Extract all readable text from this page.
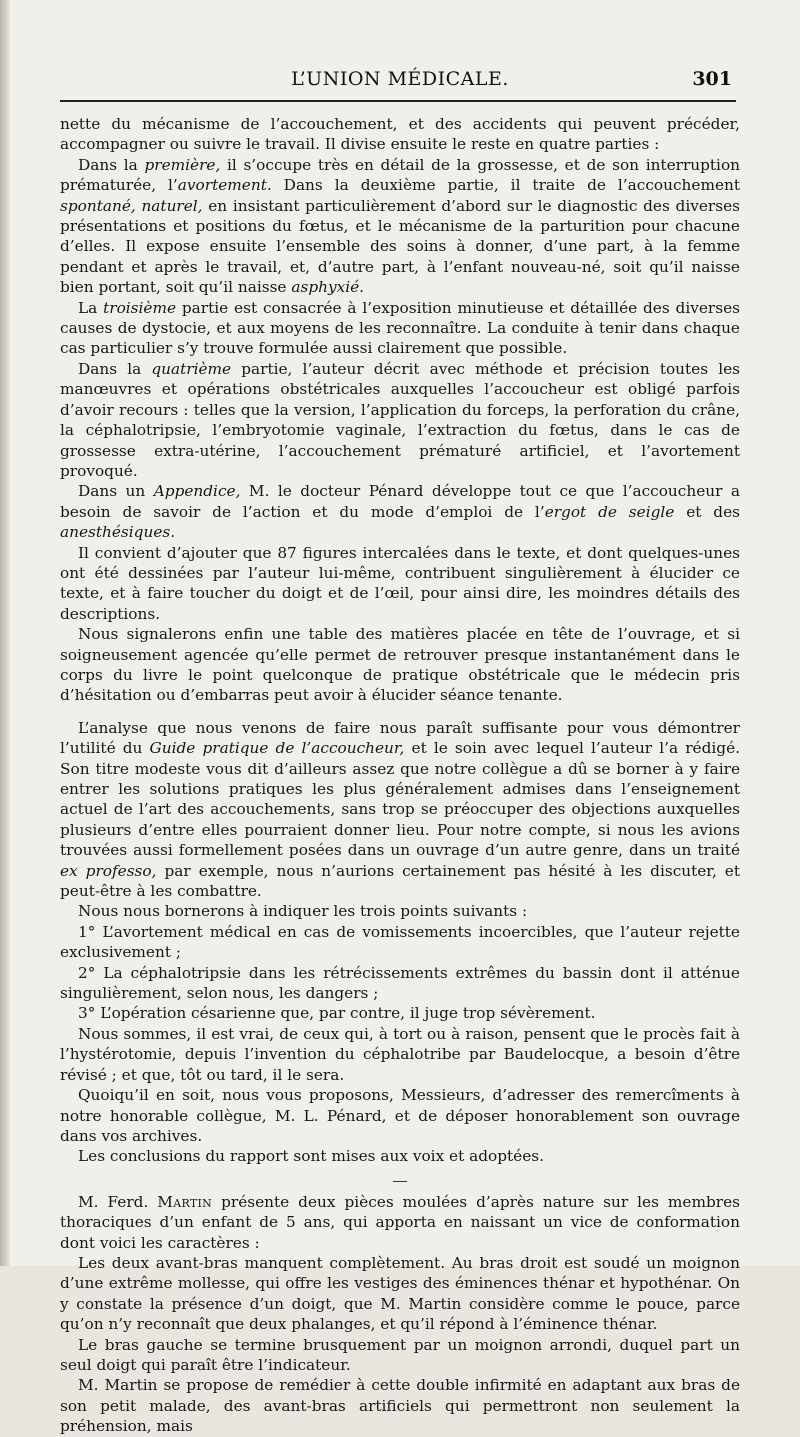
L’UNION MÉDICALE.	301

nette du mécanisme de l’accouchement, et des accidents qui peuvent précéder, accompagner ou suivre le travail. Il divise ensuite le reste en quatre parties :

Dans la première, il s’occupe très en détail de la grossesse, et de son interruption prématurée, l’avortement. Dans la deuxième partie, il traite de l’accouchement spontané, naturel, en insistant particulièrement d’abord sur le diagnostic des diverses présentations et positions du fœtus, et le mécanisme de la parturition pour chacune d’elles. Il expose ensuite l’ensemble des soins à donner, d’une part, à la femme pendant et après le travail, et, d’autre part, à l’enfant nouveau-né, soit qu’il naisse bien portant, soit qu’il naisse asphyxié.

La troisième partie est consacrée à l’exposition minutieuse et détaillée des diverses causes de dystocie, et aux moyens de les reconnaître. La conduite à tenir dans chaque cas particulier s’y trouve formulée aussi clairement que possible.

Dans la quatrième partie, l’auteur décrit avec méthode et précision toutes les manœuvres et opérations obstétricales auxquelles l’accoucheur est obligé parfois d’avoir recours : telles que la version, l’application du forceps, la perforation du crâne, la céphalotripsie, l’embryotomie vaginale, l’extraction du fœtus, dans le cas de grossesse extra-utérine, l’accouchement prématuré artificiel, et l’avortement provoqué.

Dans un Appendice, M. le docteur Pénard développe tout ce que l’accoucheur a besoin de savoir de l’action et du mode d’emploi de l’ergot de seigle et des anesthésiques.

Il convient d’ajouter que 87 figures intercalées dans le texte, et dont quelques-unes ont été dessinées par l’auteur lui-même, contribuent singulièrement à élucider ce texte, et à faire toucher du doigt et de l’œil, pour ainsi dire, les moindres détails des descriptions.

Nous signalerons enfin une table des matières placée en tête de l’ouvrage, et si soigneusement agencée qu’elle permet de retrouver presque instantanément dans le corps du livre le point quelconque de pratique obstétricale que le médecin pris d’hésitation ou d’embarras peut avoir à élucider séance tenante.

L’analyse que nous venons de faire nous paraît suffisante pour vous démontrer l’utilité du Guide pratique de l’accoucheur, et le soin avec lequel l’auteur l’a rédigé. Son titre modeste vous dit d’ailleurs assez que notre collègue a dû se borner à y faire entrer les solutions pratiques les plus généralement admises dans l’enseignement actuel de l’art des accouchements, sans trop se préoccuper des objections auxquelles plusieurs d’entre elles pourraient donner lieu. Pour notre compte, si nous les avions trouvées aussi formellement posées dans un ouvrage d’un autre genre, dans un traité ex professo, par exemple, nous n’aurions certainement pas hésité à les discuter, et peut-être à les combattre.

Nous nous bornerons à indiquer les trois points suivants :

1° L’avortement médical en cas de vomissements incoercibles, que l’auteur rejette exclusivement ;

2° La céphalotripsie dans les rétrécissements extrêmes du bassin dont il atténue singulièrement, selon nous, les dangers ;

3° L’opération césarienne que, par contre, il juge trop sévèrement.

Nous sommes, il est vrai, de ceux qui, à tort ou à raison, pensent que le procès fait à l’hystérotomie, depuis l’invention du céphalotribe par Baudelocque, a besoin d’être révisé ; et que, tôt ou tard, il le sera.

Quoiqu’il en soit, nous vous proposons, Messieurs, d’adresser des remercîments à notre honorable collègue, M. L. Pénard, et de déposer honorablement son ouvrage dans vos archives.

Les conclusions du rapport sont mises aux voix et adoptées.

M. Ferd. Martin présente deux pièces moulées d’après nature sur les membres thoraciques d’un enfant de 5 ans, qui apporta en naissant un vice de conformation dont voici les caractères :

Les deux avant-bras manquent complètement. Au bras droit est soudé un moignon d’une extrême mollesse, qui offre les vestiges des éminences thénar et hypothénar. On y constate la présence d’un doigt, que M. Martin considère comme le pouce, parce qu’on n’y reconnaît que deux phalanges, et qu’il répond à l’éminence thénar.

Le bras gauche se termine brusquement par un moignon arrondi, duquel part un seul doigt qui paraît être l’indicateur.

M. Martin se propose de remédier à cette double infirmité en adaptant aux bras de son petit malade, des avant-bras artificiels qui permettront non seulement la préhension, mais
